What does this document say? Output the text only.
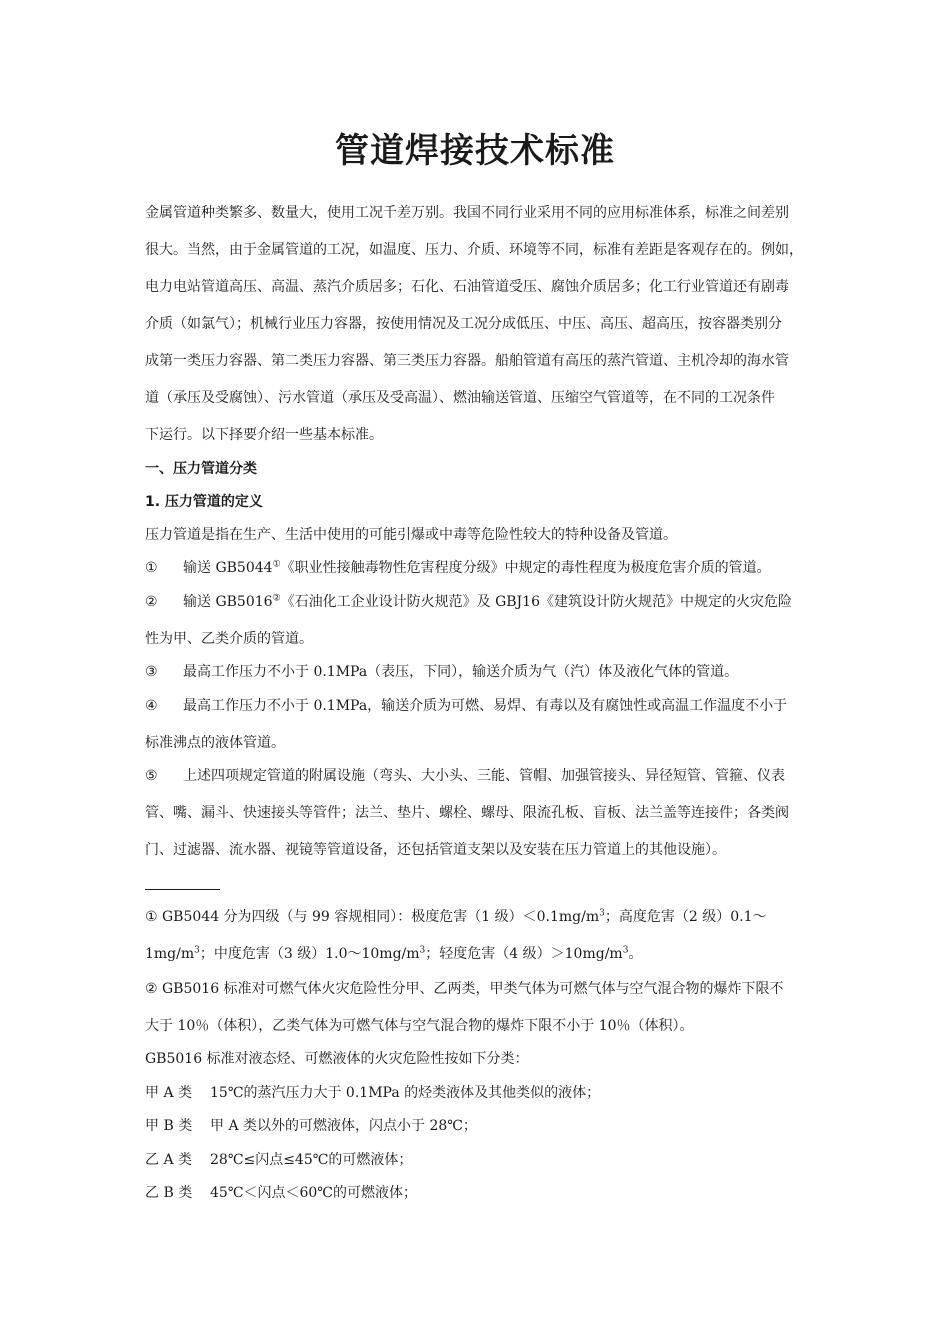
管道焊接技术标准
金属管道种类繁多、数量大，使用工况千差万别。我国不同行业采用不同的应用标准体系，标准之间差别
很大。当然，由于金属管道的工况，如温度、压力、介质、环境等不同，标准有差距是客观存在的。例如，
电力电站管道高压、高温、蒸汽介质居多；石化、石油管道受压、腐蚀介质居多；化工行业管道还有剧毒
介质（如氯气）；机械行业压力容器，按使用情况及工况分成低压、中压、高压、超高压，按容器类别分
成第一类压力容器、第二类压力容器、第三类压力容器。船舶管道有高压的蒸汽管道、主机冷却的海水管
道（承压及受腐蚀）、污水管道（承压及受高温）、燃油输送管道、压缩空气管道等，在不同的工况条件
下运行。以下择要介绍一些基本标准。
一、压力管道分类
1. 压力管道的定义
压力管道是指在生产、生活中使用的可能引爆或中毒等危险性较大的特种设备及管道。
① 输送 GB5044①《职业性接触毒物性危害程度分级》中规定的毒性程度为极度危害介质的管道。
② 输送 GB5016②《石油化工企业设计防火规范》及 GBJ16《建筑设计防火规范》中规定的火灾危险
性为甲、乙类介质的管道。
③ 最高工作压力不小于 0.1MPa（表压，下同），输送介质为气（汽）体及液化气体的管道。
④ 最高工作压力不小于 0.1MPa，输送介质为可燃、易焊、有毒以及有腐蚀性或高温工作温度不小于
标准沸点的液体管道。
⑤ 上述四项规定管道的附属设施（弯头、大小头、三能、管帽、加强管接头、异径短管、管箍、仪表
管、嘴、漏斗、快速接头等管件；法兰、垫片、螺栓、螺母、限流孔板、盲板、法兰盖等连接件；各类阀
门、过滤器、流水器、视镜等管道设备，还包括管道支架以及安装在压力管道上的其他设施）。
① GB5044 分为四级（与 99 容规相同）：极度危害（1 级）$<0.1mg/m^3$；高度危害（2 级）0.1～
$1mg/m^3$；中度危害（3 级）$1.0\sim 10mg/m^3$；轻度危害（4 级）$>10mg/m^3$。
② GB5016 标准对可燃气体火灾危险性分甲、乙两类，甲类气体为可燃气体与空气混合物的爆炸下限不
大于 10％（体积），乙类气体为可燃气体与空气混合物的爆炸下限不小于 10％（体积）。
GB5016 标准对液态烃、可燃液体的火灾危险性按如下分类：
甲 A 类 15℃的蒸汽压力大于 0.1MPa 的烃类液体及其他类似的液体；
甲 B 类 甲 A 类以外的可燃液体，闪点小于 28℃；
乙 A 类 28℃≤闪点≤45℃的可燃液体；
乙 B 类 45℃＜闪点＜60℃的可燃液体；
